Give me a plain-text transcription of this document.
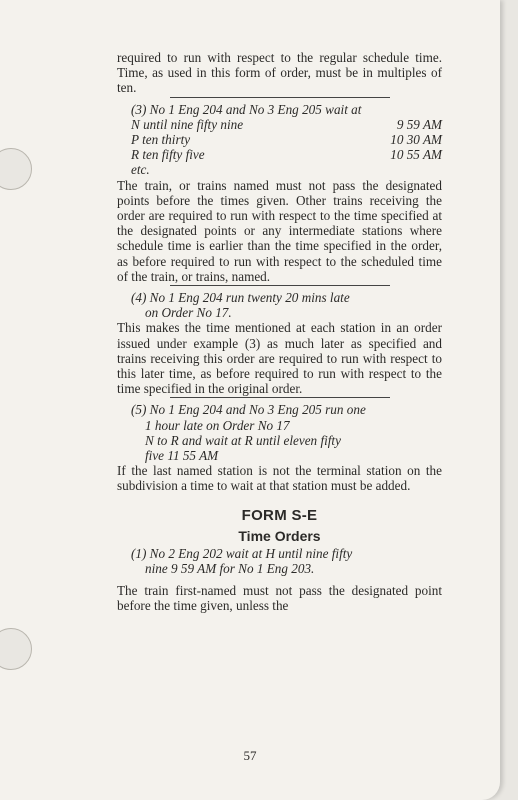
required to run with respect to the regular schedule time. Time, as used in this form of order, must be in multiples of ten.

(3) No 1 Eng 204 and No 3 Eng 205 wait at
N until nine fifty nine	9 59 AM
P ten thirty	10 30 AM
R ten fifty five	10 55 AM
etc.

The train, or trains named must not pass the designated points before the times given. Other trains receiving the order are required to run with respect to the time specified at the designated points or any intermediate stations where schedule time is earlier than the time specified in the order, as before required to run with respect to the scheduled time of the train, or trains, named.

(4) No 1 Eng 204 run twenty 20 mins late
on Order No 17.

This makes the time mentioned at each station in an order issued under example (3) as much later as specified and trains receiving this order are required to run with respect to this later time, as before required to run with respect to the time specified in the original order.

(5) No 1 Eng 204 and No 3 Eng 205 run one
1 hour late on Order No 17
N to R and wait at R until eleven fifty
five 11 55 AM

If the last named station is not the terminal station on the subdivision a time to wait at that station must be added.

FORM S-E
Time Orders
(1) No 2 Eng 202 wait at H until nine fifty
nine 9 59 AM for No 1 Eng 203.

The train first-named must not pass the designated point before the time given, unless the

57
